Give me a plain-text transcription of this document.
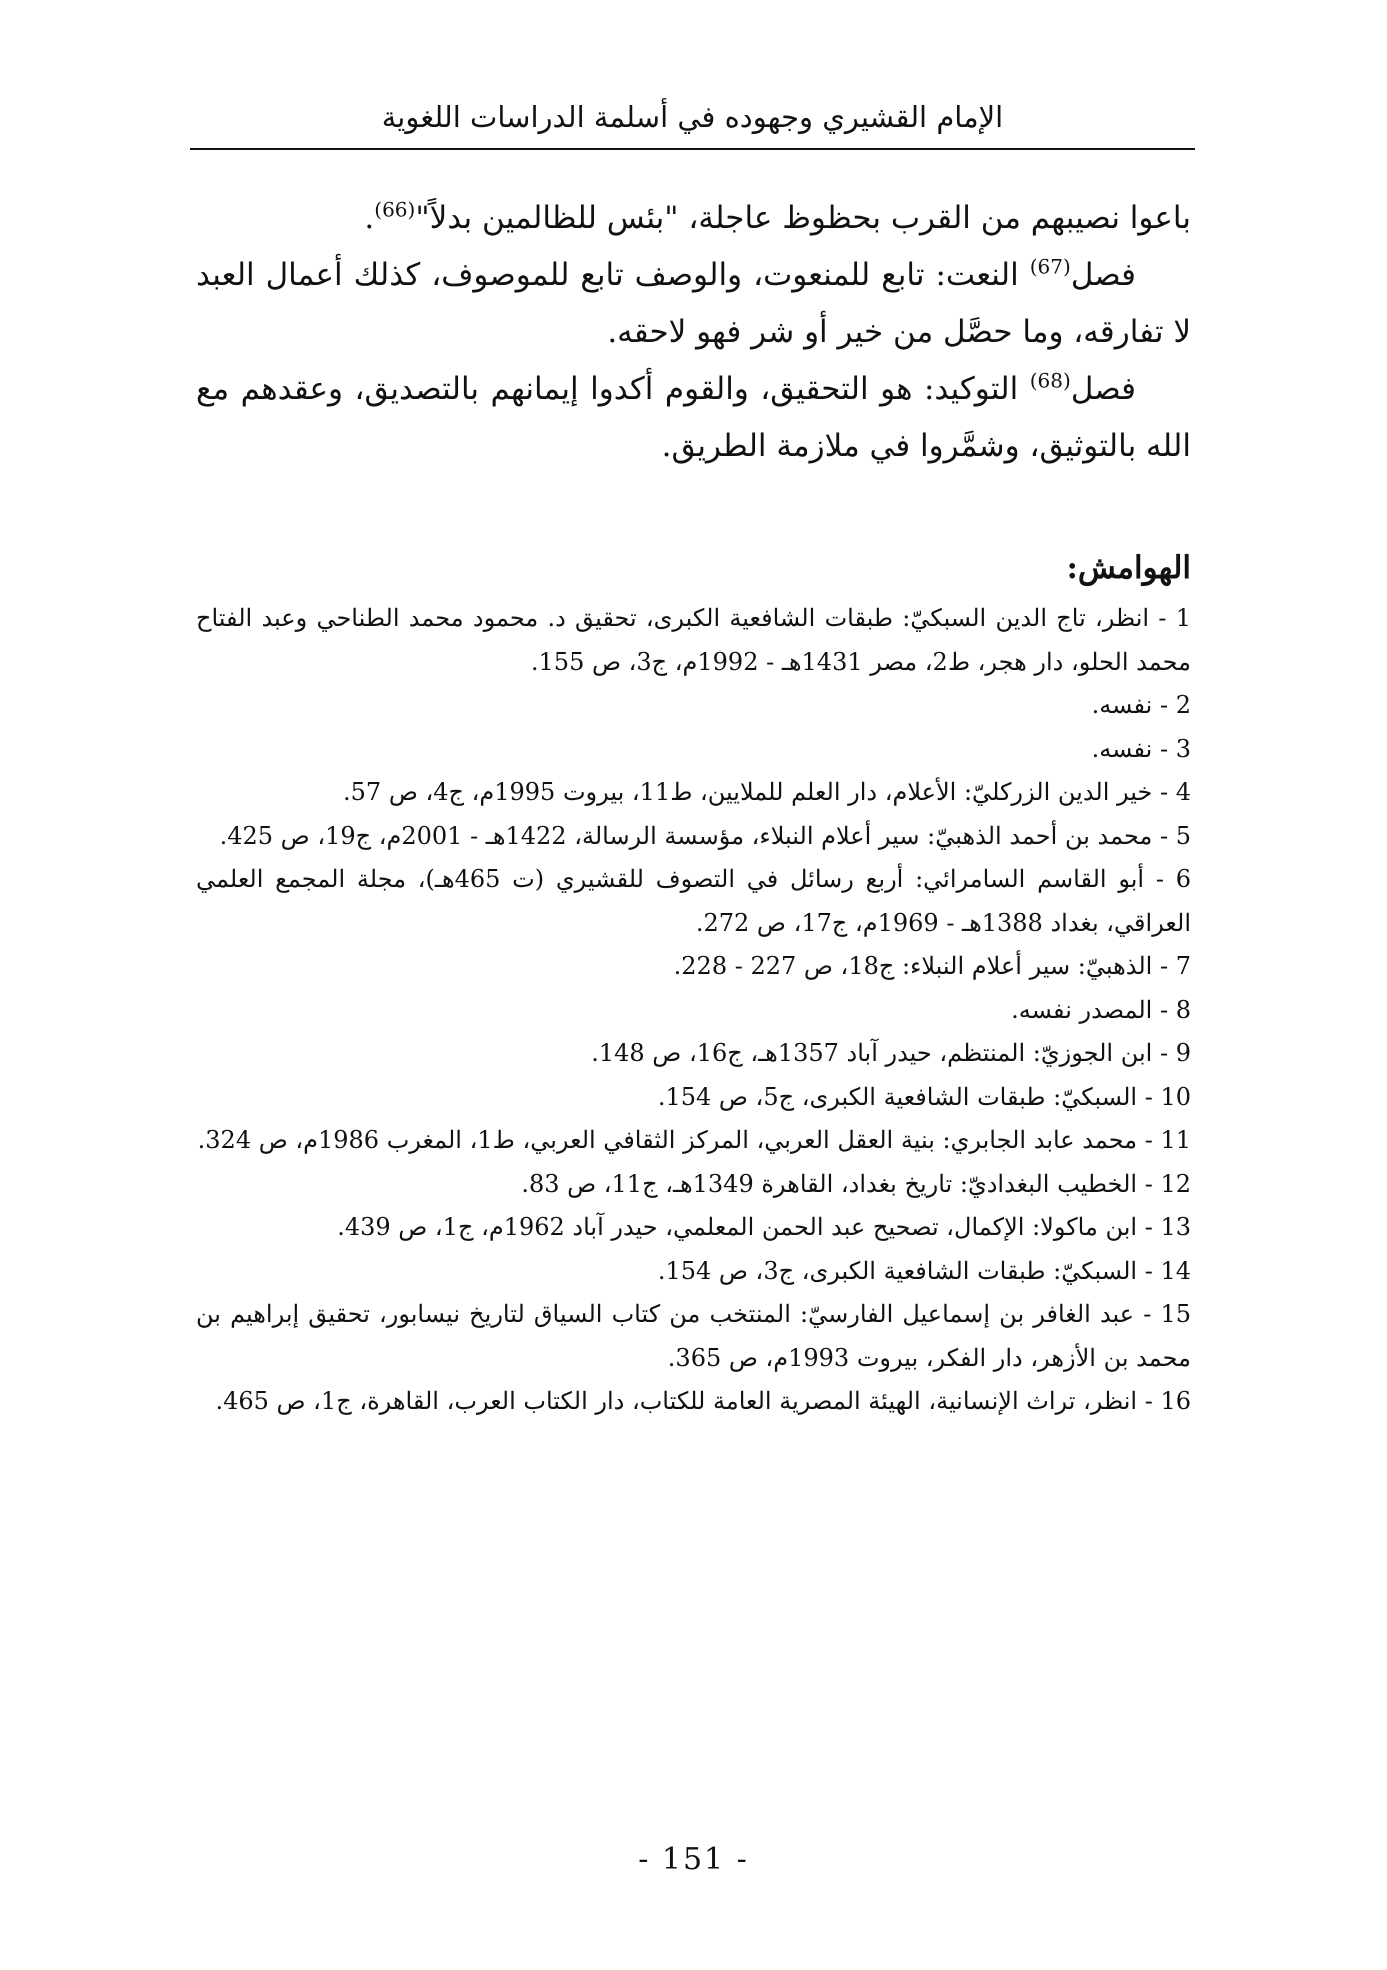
الإمام القشيري وجهوده في أسلمة الدراسات اللغوية

باعوا نصيبهم من القرب بحظوظ عاجلة، "بئس للظالمين بدلاً"$^{(66)}$.

فصل$^{(67)}$ النعت: تابع للمنعوت، والوصف تابع للموصوف، كذلك أعمال العبد لا تفارقه، وما حصَّل من خير أو شر فهو لاحقه.

فصل$^{(68)}$ التوكيد: هو التحقيق، والقوم أكدوا إيمانهم بالتصديق، وعقدهم مع الله بالتوثيق، وشمَّروا في ملازمة الطريق.

الهوامش:

1 - انظر، تاج الدين السبكيّ: طبقات الشافعية الكبرى، تحقيق د. محمود محمد الطناحي وعبد الفتاح محمد الحلو، دار هجر، ط2، مصر 1431هـ - 1992م، ج3، ص 155.

2 - نفسه.

3 - نفسه.

4 - خير الدين الزركليّ: الأعلام، دار العلم للملايين، ط11، بيروت 1995م، ج4، ص 57.

5 - محمد بن أحمد الذهبيّ: سير أعلام النبلاء، مؤسسة الرسالة، 1422هـ - 2001م، ج19، ص 425.

6 - أبو القاسم السامرائي: أربع رسائل في التصوف للقشيري (ت 465هـ)، مجلة المجمع العلمي العراقي، بغداد 1388هـ - 1969م، ج17، ص 272.

7 - الذهبيّ: سير أعلام النبلاء: ج18، ص 227 - 228.

8 - المصدر نفسه.

9 - ابن الجوزيّ: المنتظم، حيدر آباد 1357هـ، ج16، ص 148.

10 - السبكيّ: طبقات الشافعية الكبرى، ج5، ص 154.

11 - محمد عابد الجابري: بنية العقل العربي، المركز الثقافي العربي، ط1، المغرب 1986م، ص 324.

12 - الخطيب البغداديّ: تاريخ بغداد، القاهرة 1349هـ، ج11، ص 83.

13 - ابن ماكولا: الإكمال، تصحيح عبد الحمن المعلمي، حيدر آباد 1962م، ج1، ص 439.

14 - السبكيّ: طبقات الشافعية الكبرى، ج3، ص 154.

15 - عبد الغافر بن إسماعيل الفارسيّ: المنتخب من كتاب السياق لتاريخ نيسابور، تحقيق إبراهيم بن محمد بن الأزهر، دار الفكر، بيروت 1993م، ص 365.

16 - انظر، تراث الإنسانية، الهيئة المصرية العامة للكتاب، دار الكتاب العرب، القاهرة، ج1، ص 465.

- 151 -
